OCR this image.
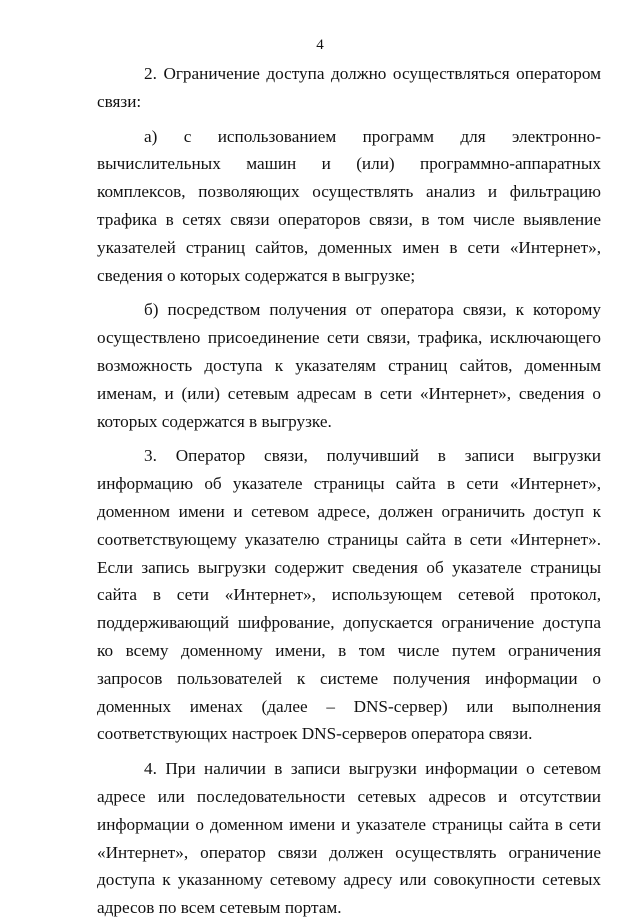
4

2. Ограничение доступа должно осуществляться оператором связи:

а) с использованием программ для электронно-вычислительных машин и (или) программно-аппаратных комплексов, позволяющих осуществлять анализ и фильтрацию трафика в сетях связи операторов связи, в том числе выявление указателей страниц сайтов, доменных имен в сети «Интернет», сведения о которых содержатся в выгрузке;

б) посредством получения от оператора связи, к которому осуществлено присоединение сети связи, трафика, исключающего возможность доступа к указателям страниц сайтов, доменным именам, и (или) сетевым адресам в сети «Интернет», сведения о которых содержатся в выгрузке.

3. Оператор связи, получивший в записи выгрузки информацию об указателе страницы сайта в сети «Интернет», доменном имени и сетевом адресе, должен ограничить доступ к соответствующему указателю страницы сайта в сети «Интернет». Если запись выгрузки содержит сведения об указателе страницы сайта в сети «Интернет», использующем сетевой протокол, поддерживающий шифрование, допускается ограничение доступа ко всему доменному имени, в том числе путем ограничения запросов пользователей к системе получения информации о доменных именах (далее – DNS-сервер) или выполнения соответствующих настроек DNS-серверов оператора связи.

4. При наличии в записи выгрузки информации о сетевом адресе или последовательности сетевых адресов и отсутствии информации о доменном имени и указателе страницы сайта в сети «Интернет», оператор связи должен осуществлять ограничение доступа к указанному сетевому адресу или совокупности сетевых адресов по всем сетевым портам.
